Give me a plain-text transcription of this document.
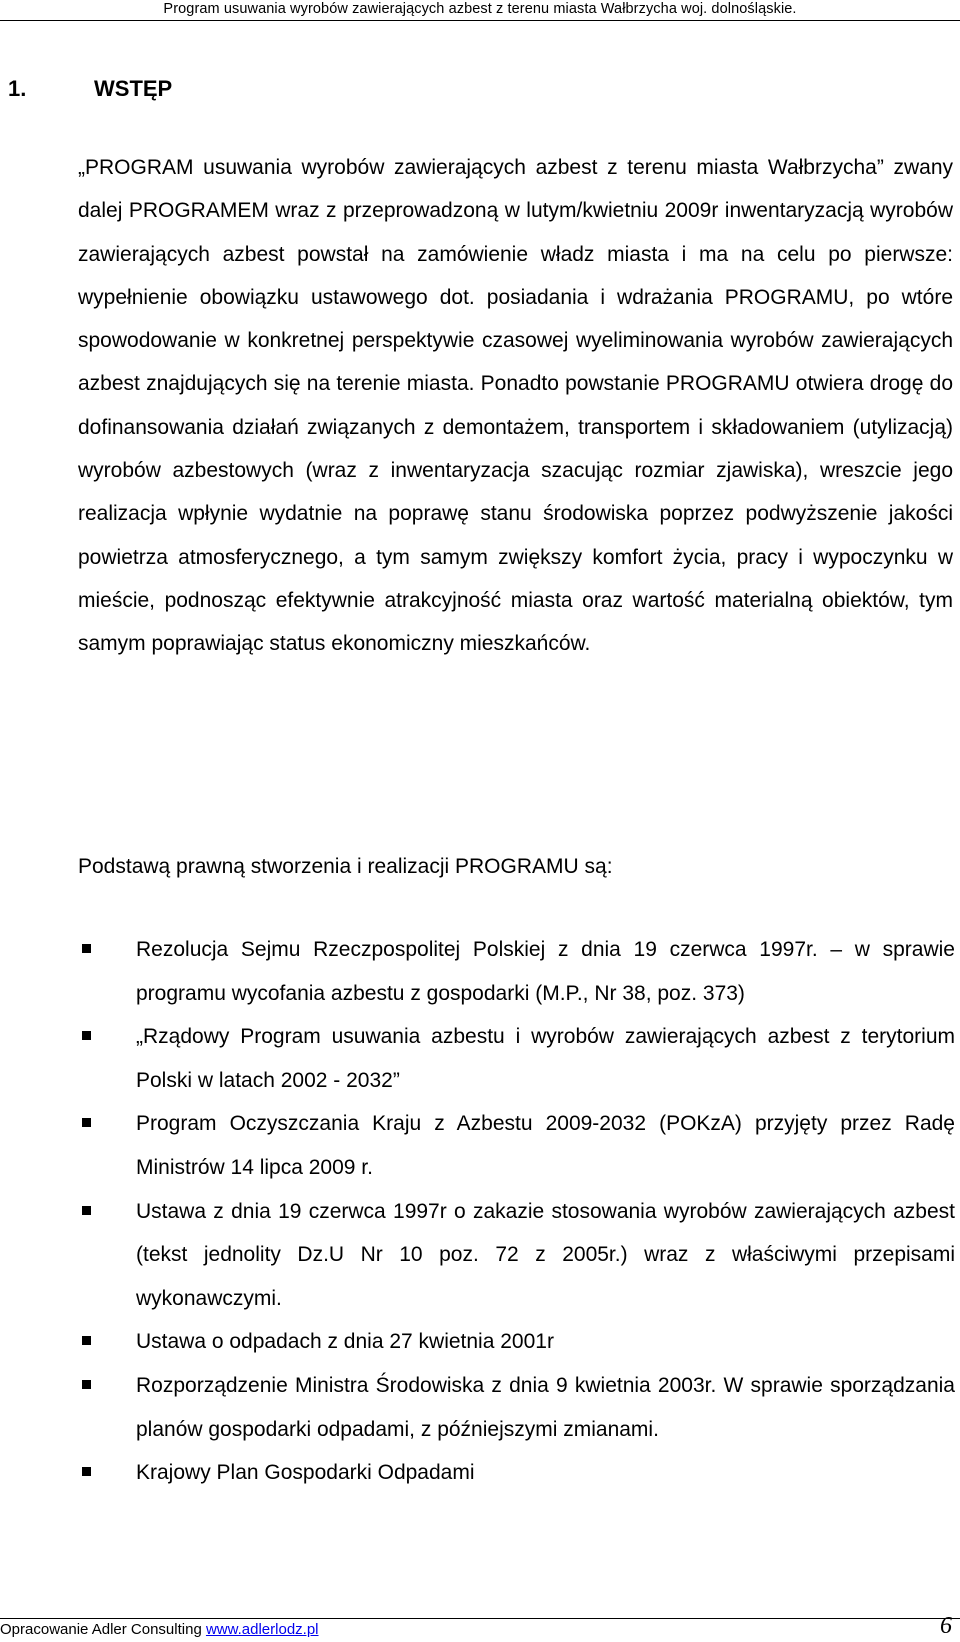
Program usuwania wyrobów zawierających azbest z terenu miasta Wałbrzycha woj. dolnośląskie.
1.	WSTĘP
„PROGRAM usuwania wyrobów zawierających azbest z terenu miasta Wałbrzycha” zwany dalej PROGRAMEM wraz z przeprowadzoną w lutym/kwietniu 2009r inwentaryzacją wyrobów zawierających azbest powstał na zamówienie władz miasta i ma na celu po pierwsze: wypełnienie obowiązku ustawowego dot. posiadania i wdrażania PROGRAMU, po wtóre spowodowanie w konkretnej perspektywie czasowej wyeliminowania wyrobów zawierających azbest znajdujących się na terenie miasta. Ponadto powstanie PROGRAMU otwiera drogę do dofinansowania działań związanych z demontażem, transportem i składowaniem (utylizacją) wyrobów azbestowych (wraz z inwentaryzacja szacując rozmiar zjawiska), wreszcie jego realizacja wpłynie wydatnie na poprawę stanu środowiska poprzez podwyższenie jakości powietrza atmosferycznego, a tym samym zwiększy komfort życia, pracy i wypoczynku w mieście, podnosząc efektywnie atrakcyjność miasta oraz wartość materialną obiektów, tym samym poprawiając status ekonomiczny mieszkańców.
Podstawą prawną stworzenia i realizacji PROGRAMU są:
Rezolucja Sejmu Rzeczpospolitej Polskiej z dnia 19 czerwca 1997r. – w sprawie programu wycofania azbestu z gospodarki (M.P., Nr 38, poz. 373)
„Rządowy Program usuwania azbestu i wyrobów zawierających azbest z terytorium Polski w latach 2002 - 2032”
Program Oczyszczania Kraju z Azbestu 2009-2032 (POKzA) przyjęty przez Radę Ministrów 14 lipca 2009 r.
Ustawa z dnia 19 czerwca 1997r o zakazie stosowania wyrobów zawierających azbest (tekst jednolity Dz.U Nr 10 poz. 72 z 2005r.) wraz z właściwymi przepisami wykonawczymi.
Ustawa o odpadach z dnia 27 kwietnia 2001r
Rozporządzenie Ministra Środowiska z dnia 9 kwietnia 2003r. W sprawie sporządzania planów gospodarki odpadami, z późniejszymi zmianami.
Krajowy Plan Gospodarki Odpadami
Opracowanie Adler Consulting www.adlerlodz.pl	6
